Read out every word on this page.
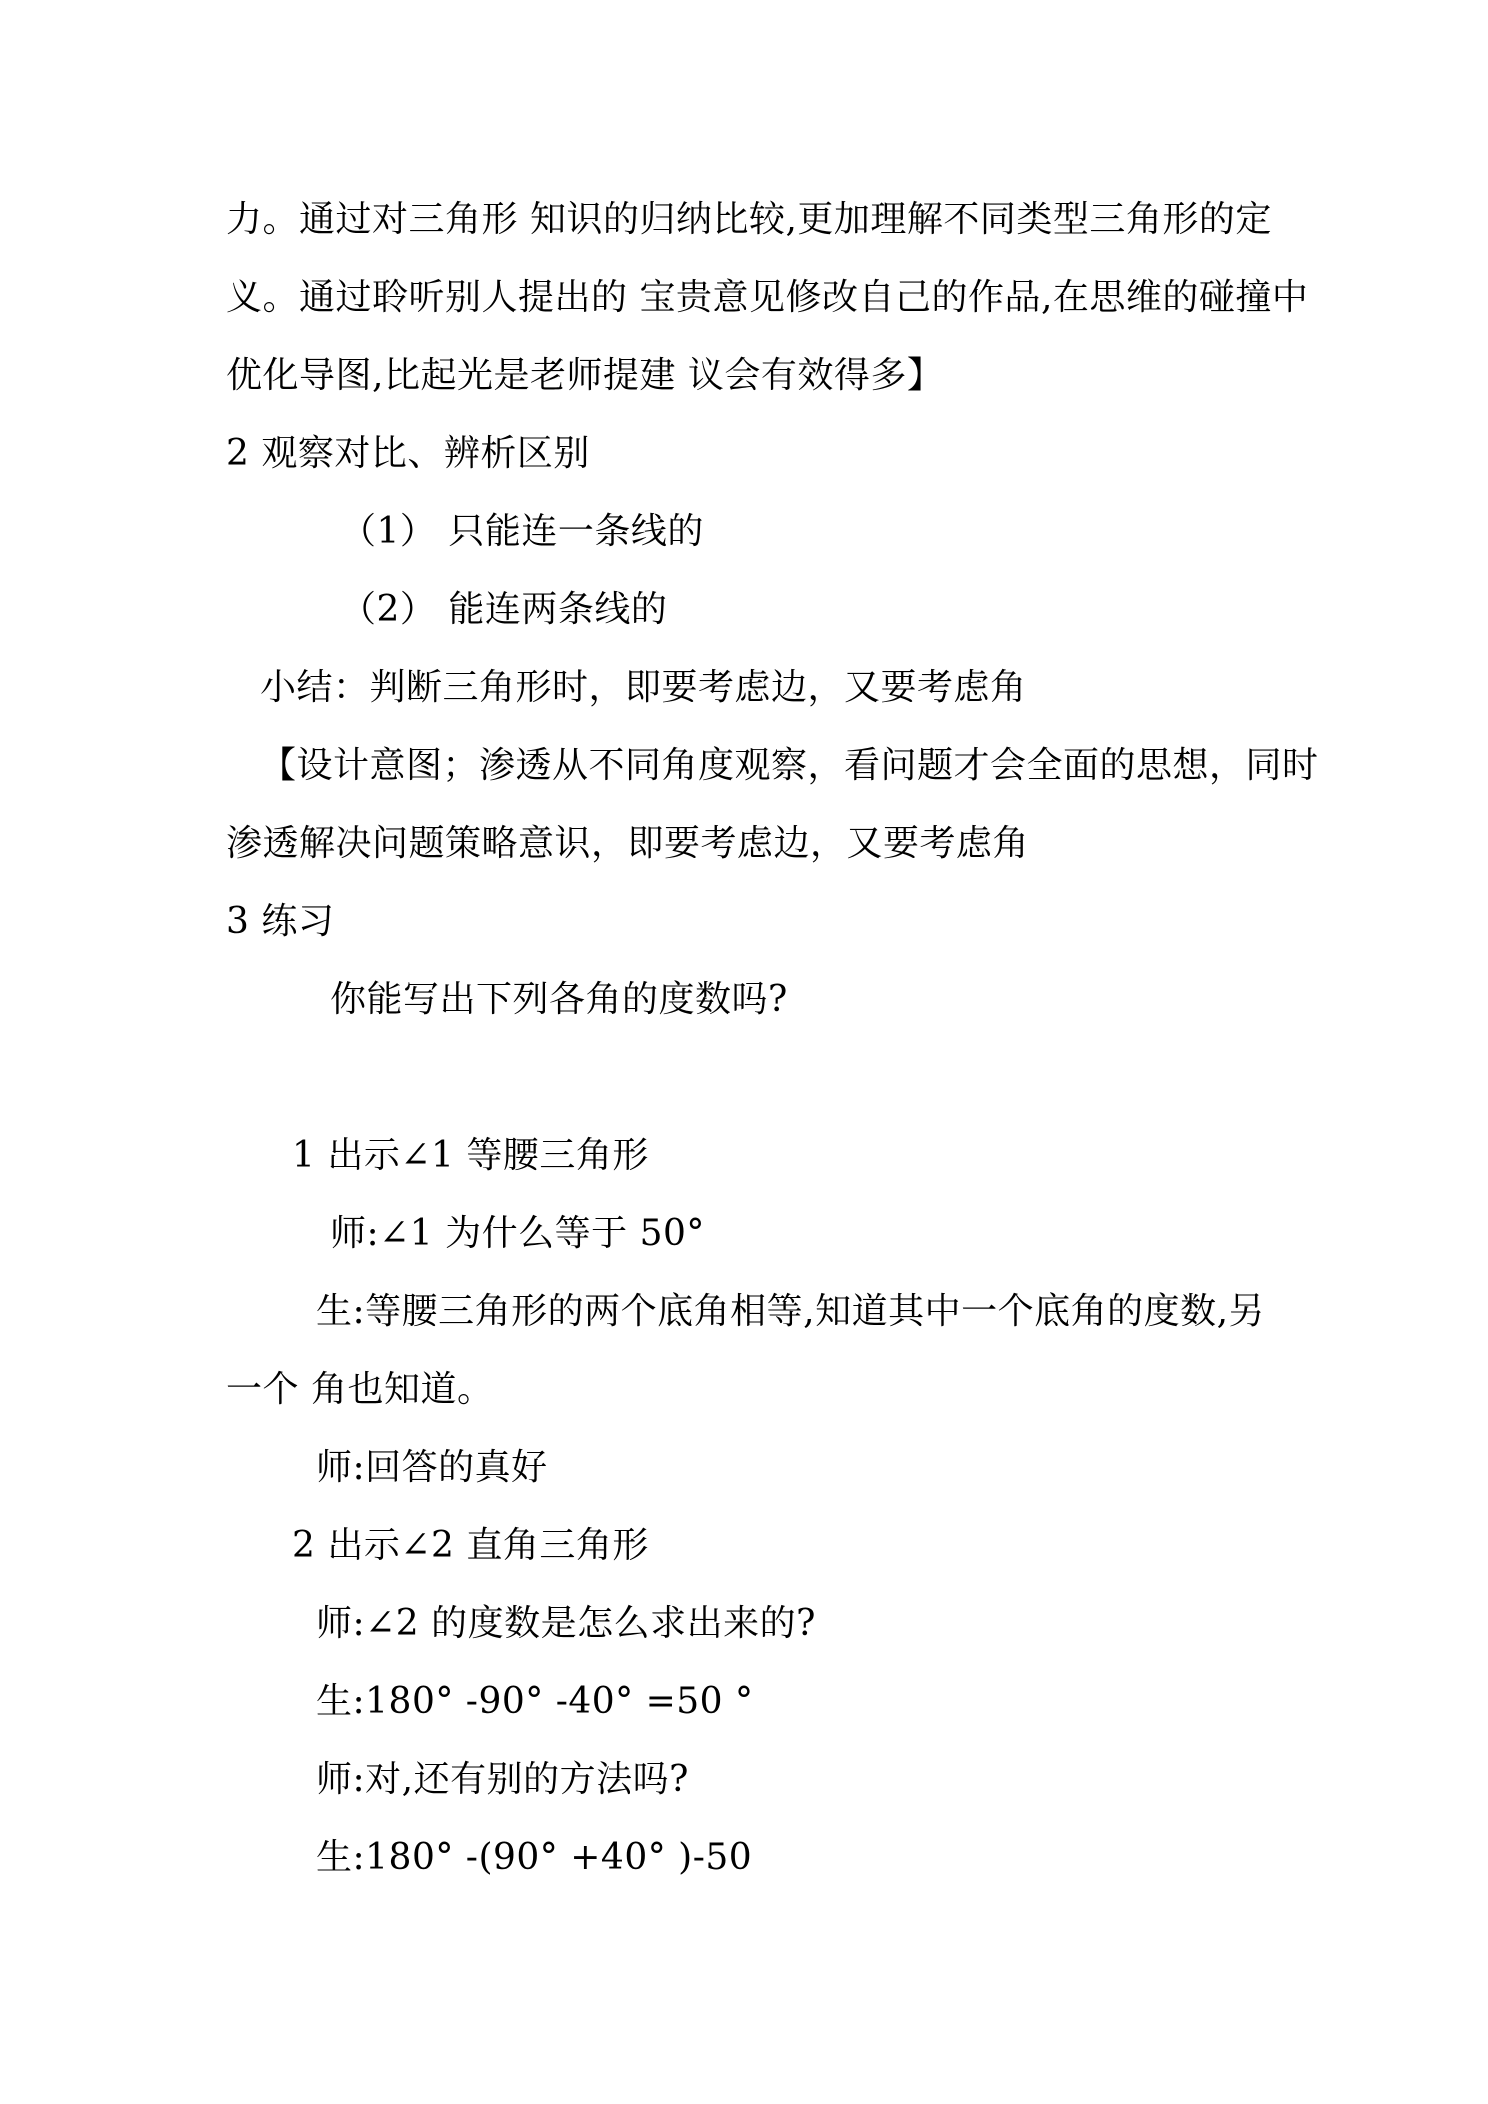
力。通过对三角形 知识的归纳比较,更加理解不同类型三角形的定
义。通过聆听别人提出的 宝贵意见修改自己的作品,在思维的碰撞中
优化导图,比起光是老师提建 议会有效得多】
2 观察对比、辨析区别
（1） 只能连一条线的
（2） 能连两条线的
小结：判断三角形时，即要考虑边，又要考虑角
【设计意图；渗透从不同角度观察，看问题才会全面的思想，同时
渗透解决问题策略意识，即要考虑边，又要考虑角
3 练习
你能写出下列各角的度数吗?
1 出示∠1 等腰三角形
师:∠1 为什么等于 50°
生:等腰三角形的两个底角相等,知道其中一个底角的度数,另
一个 角也知道。
师:回答的真好
2 出示∠2 直角三角形
师:∠2 的度数是怎么求出来的?
生:180° -90° -40° =50 °
师:对,还有别的方法吗?
生:180° -(90° +40° )-50
